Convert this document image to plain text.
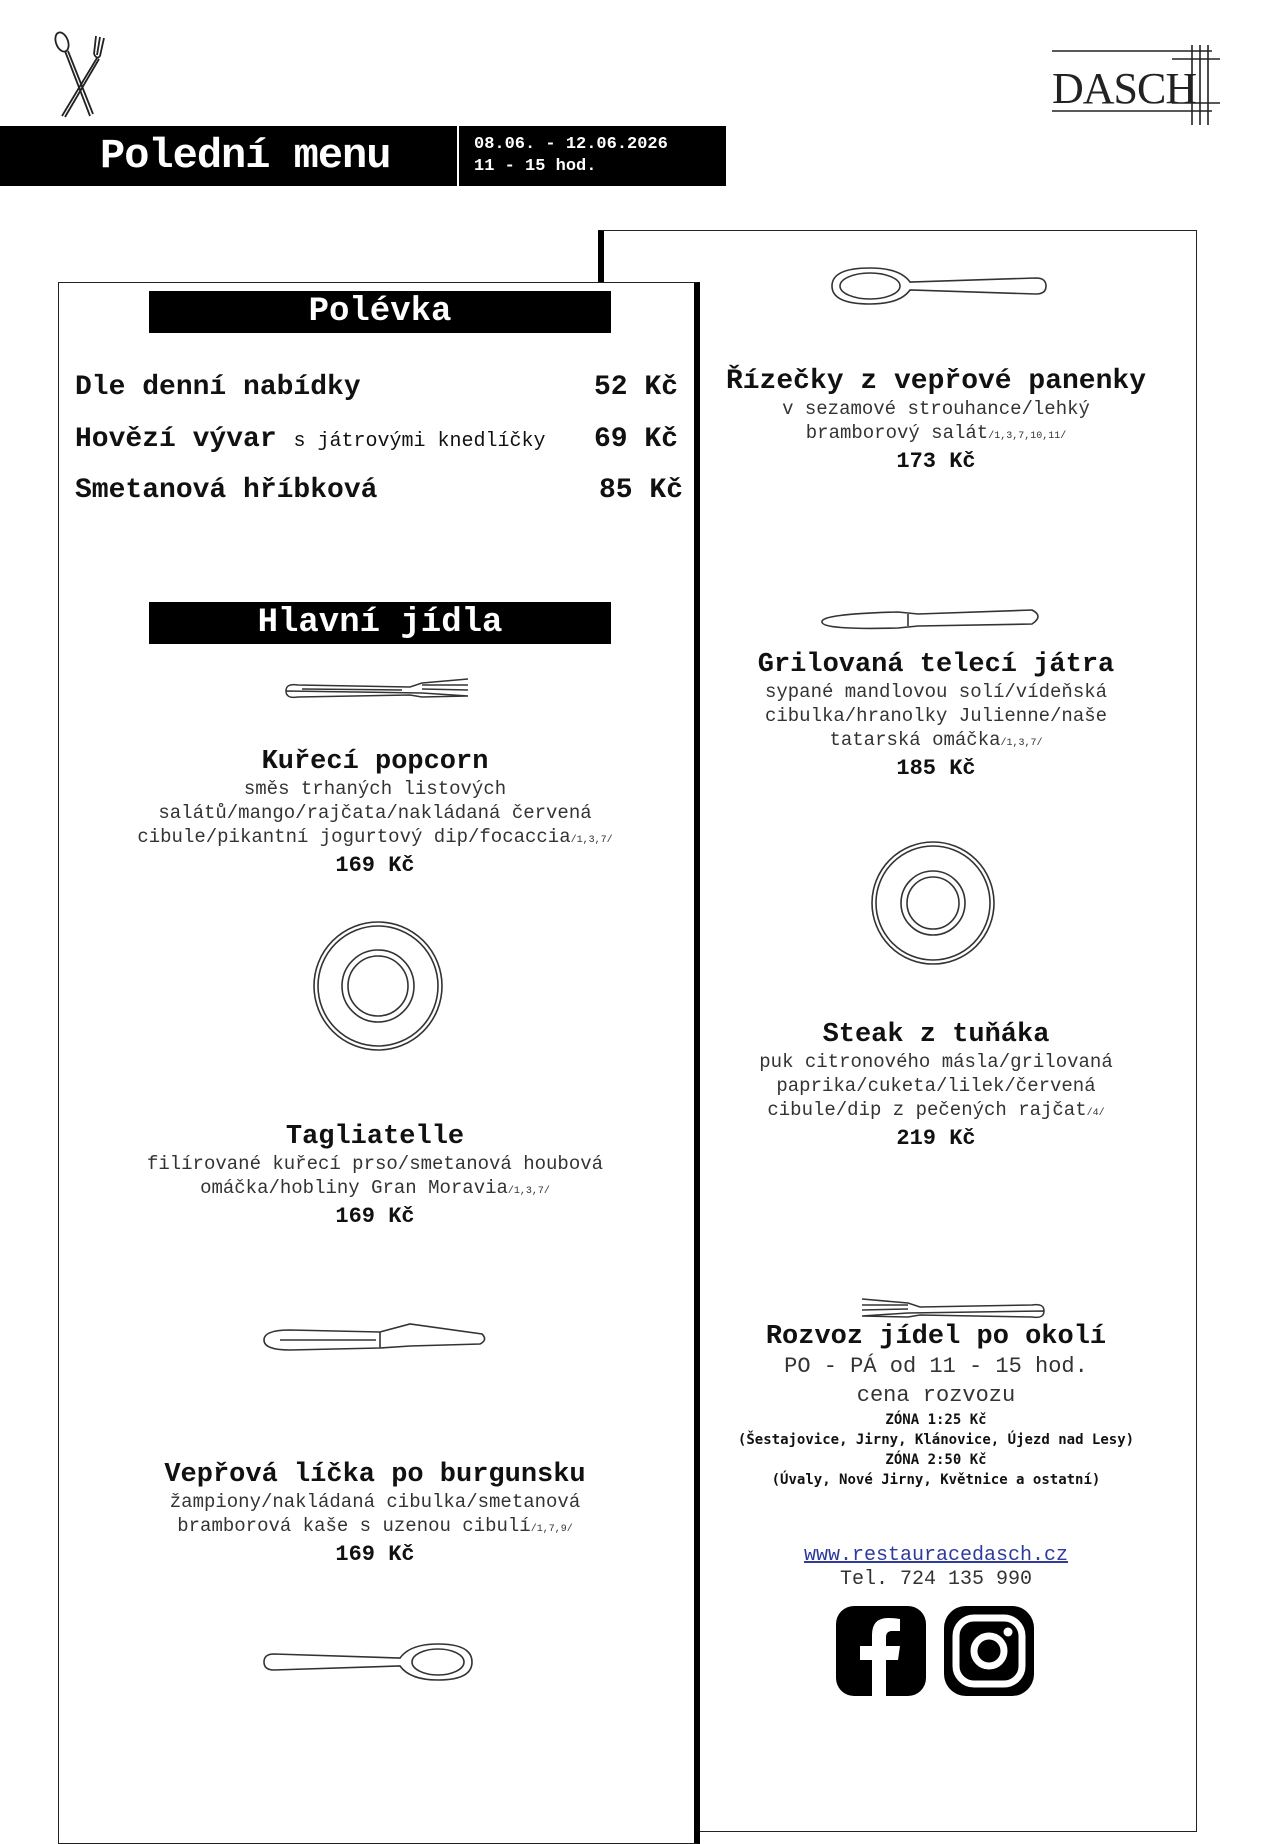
DASCH
Polední menu	08.06. - 12.06.2026
11 - 15 hod.
Polévka
Dle denní nabídky	52 Kč
Hovězí vývar s játrovými knedlíčky 69 Kč
Smetanová hříbková	85 Kč
Hlavní jídla
Kuřecí popcorn
směs trhaných listových salátů/mango/rajčata/nakládaná červená cibule/pikantní jogurtový dip/focaccia/1,3,7/
169 Kč
Tagliatelle
filírované kuřecí prso/smetanová houbová omáčka/hobliny Gran Moravia/1,3,7/
169 Kč
Vepřová líčka po burgunsku
žampiony/nakládaná cibulka/smetanová bramborová kaše s uzenou cibulí/1,7,9/
169 Kč
Řízečky z vepřové panenky
v sezamové strouhance/lehký bramborový salát/1,3,7,10,11/
173 Kč
Grilovaná telecí játra
sypané mandlovou solí/vídeňská cibulka/hranolky Julienne/naše tatarská omáčka/1,3,7/
185 Kč
Steak z tuňáka
puk citronového másla/grilovaná paprika/cuketa/lilek/červená cibule/dip z pečených rajčat/4/
219 Kč
Rozvoz jídel po okolí
PO - PÁ od 11 - 15 hod.
cena rozvozu
ZÓNA 1:25 Kč
(Šestajovice, Jirny, Klánovice, Újezd nad Lesy)
ZÓNA 2:50 Kč
(Úvaly, Nové Jirny, Květnice a ostatní)
www.restauracedasch.cz
Tel. 724 135 990
